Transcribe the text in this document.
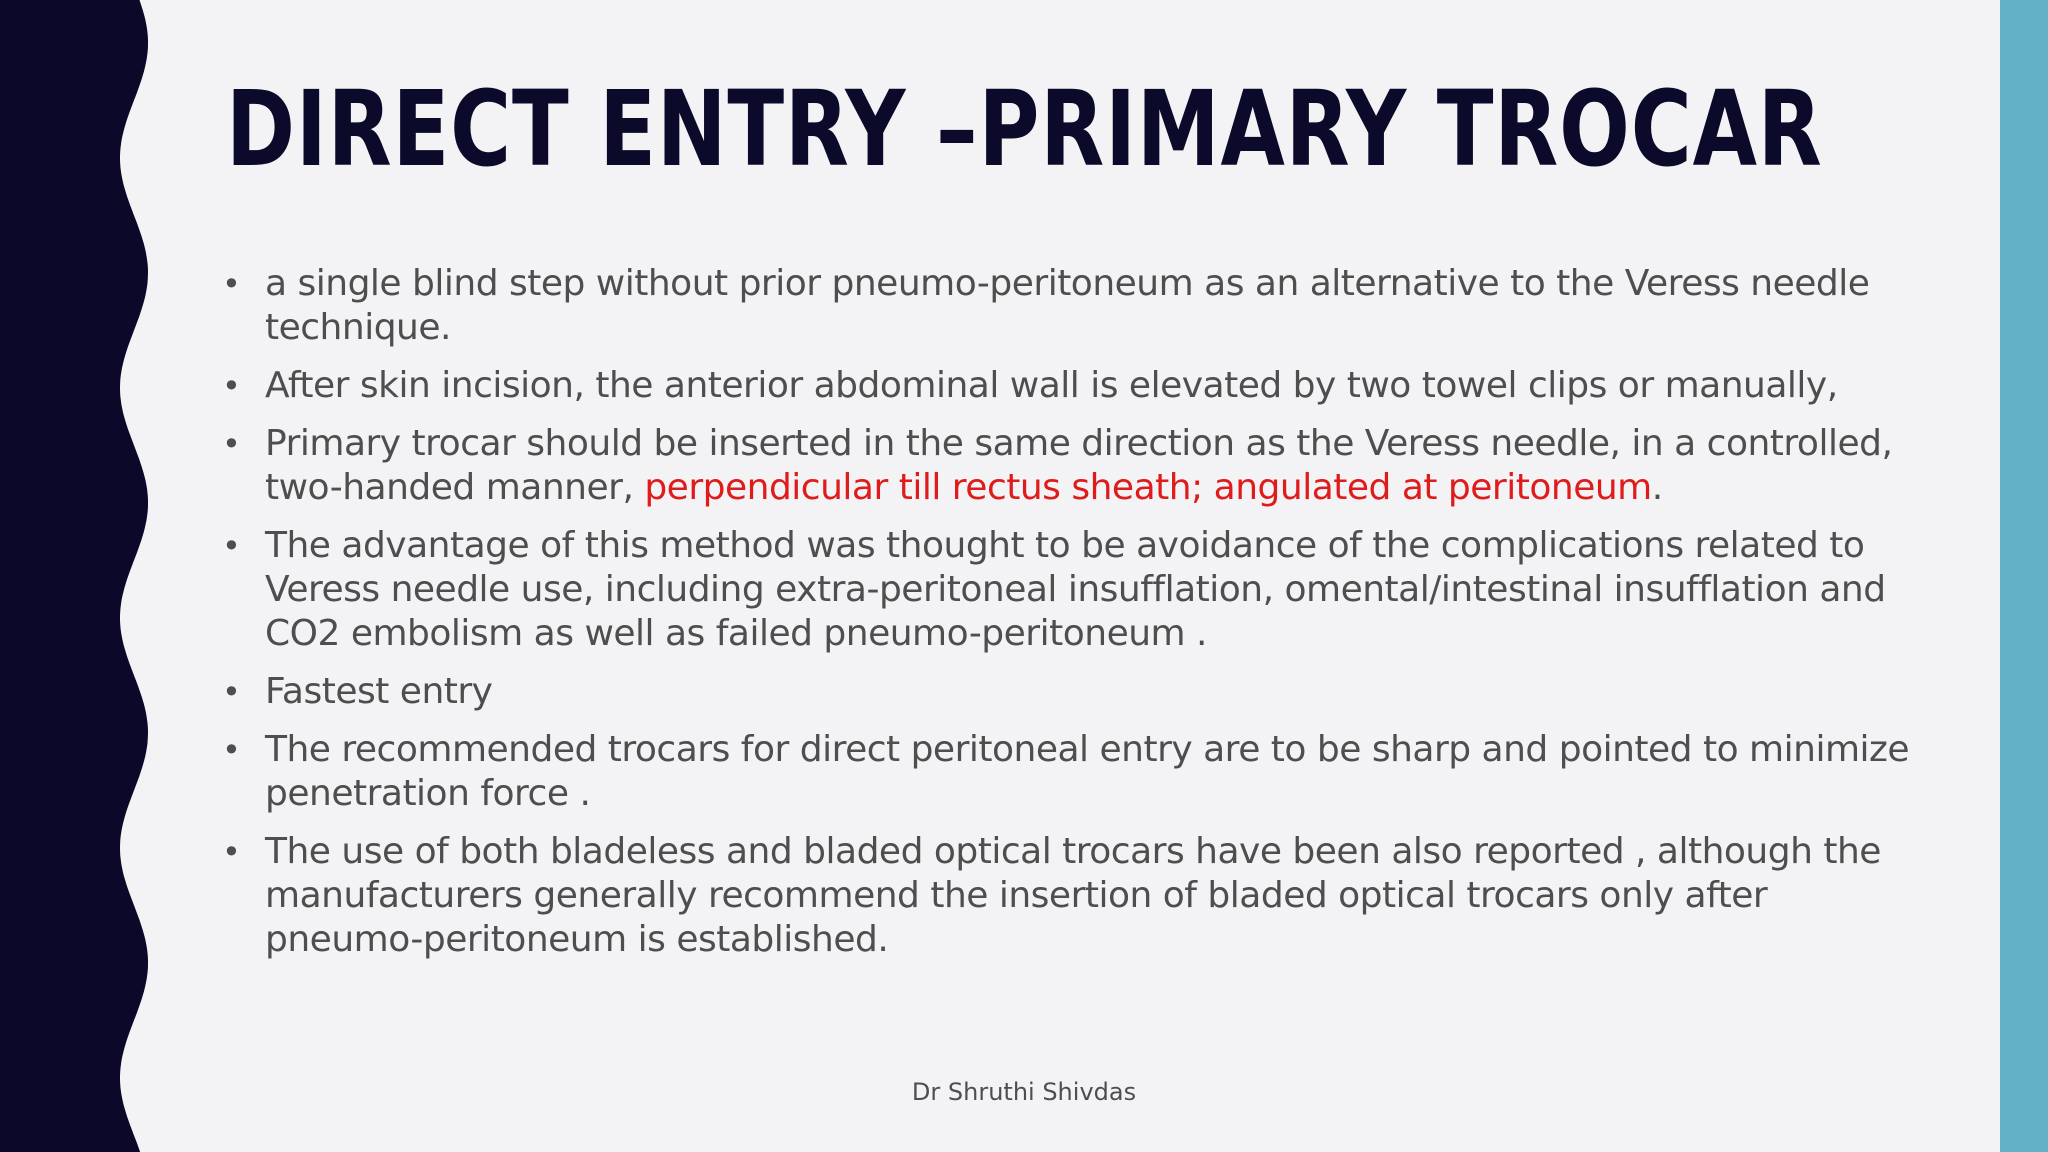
DIRECT ENTRY –PRIMARY TROCAR
• a single blind step without prior pneumo-peritoneum as an alternative to the Veress needle technique.
• After skin incision, the anterior abdominal wall is elevated by two towel clips or manually,
• Primary trocar should be inserted in the same direction as the Veress needle, in a controlled, two-handed manner, perpendicular till rectus sheath; angulated at peritoneum.
• The advantage of this method was thought to be avoidance of the complications related to Veress needle use, including extra-peritoneal insufflation, omental/intestinal insufflation and CO2 embolism as well as failed pneumo-peritoneum .
• Fastest entry
• The recommended trocars for direct peritoneal entry are to be sharp and pointed to minimize penetration force .
• The use of both bladeless and bladed optical trocars have been also reported , although the manufacturers generally recommend the insertion of bladed optical trocars only after pneumo-peritoneum is established.
Dr Shruthi Shivdas
